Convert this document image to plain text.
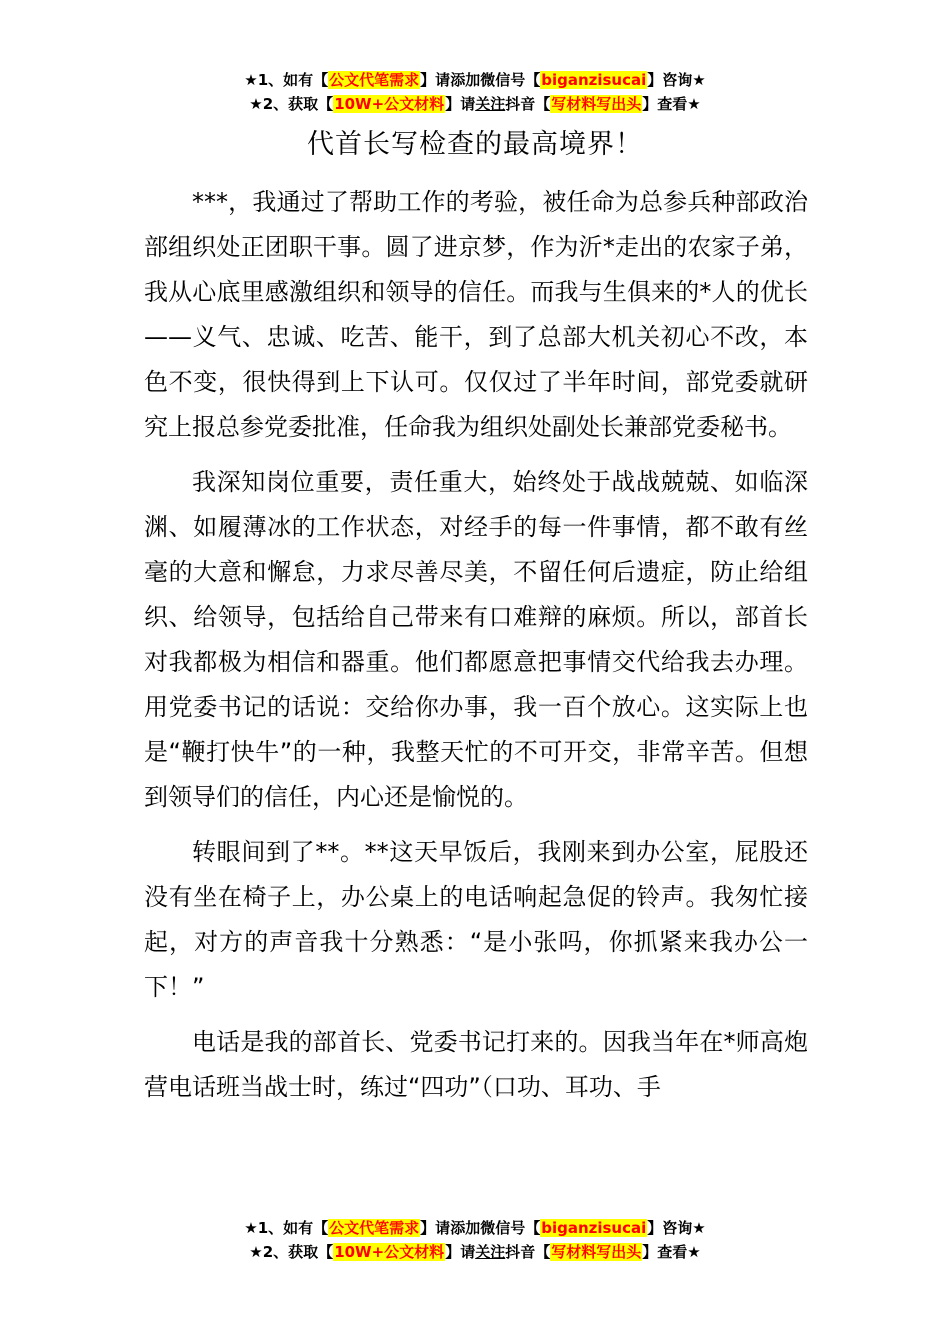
★1、如有【公文代笔需求】请添加微信号【biganzisucai】咨询★
★2、获取【10W+公文材料】请关注抖音【写材料写出头】查看★
代首长写检查的最高境界！

***，我通过了帮助工作的考验，被任命为总参兵种部政治部组织处正团职干事。圆了进京梦，作为沂*走出的农家子弟，我从心底里感激组织和领导的信任。而我与生俱来的*人的优长——义气、忠诚、吃苦、能干，到了总部大机关初心不改，本色不变，很快得到上下认可。仅仅过了半年时间，部党委就研究上报总参党委批准，任命我为组织处副处长兼部党委秘书。

我深知岗位重要，责任重大，始终处于战战兢兢、如临深渊、如履薄冰的工作状态，对经手的每一件事情，都不敢有丝毫的大意和懈怠，力求尽善尽美，不留任何后遗症，防止给组织、给领导，包括给自己带来有口难辩的麻烦。所以，部首长对我都极为相信和器重。他们都愿意把事情交代给我去办理。用党委书记的话说：交给你办事，我一百个放心。这实际上也是“鞭打快牛”的一种，我整天忙的不可开交，非常辛苦。但想到领导们的信任，内心还是愉悦的。

转眼间到了**。**这天早饭后，我刚来到办公室，屁股还没有坐在椅子上，办公桌上的电话响起急促的铃声。我匆忙接起，对方的声音我十分熟悉：“是小张吗，你抓紧来我办公一下！”

电话是我的部首长、党委书记打来的。因我当年在*师高炮营电话班当战士时，练过“四功”（口功、耳功、手

★1、如有【公文代笔需求】请添加微信号【biganzisucai】咨询★
★2、获取【10W+公文材料】请关注抖音【写材料写出头】查看★
